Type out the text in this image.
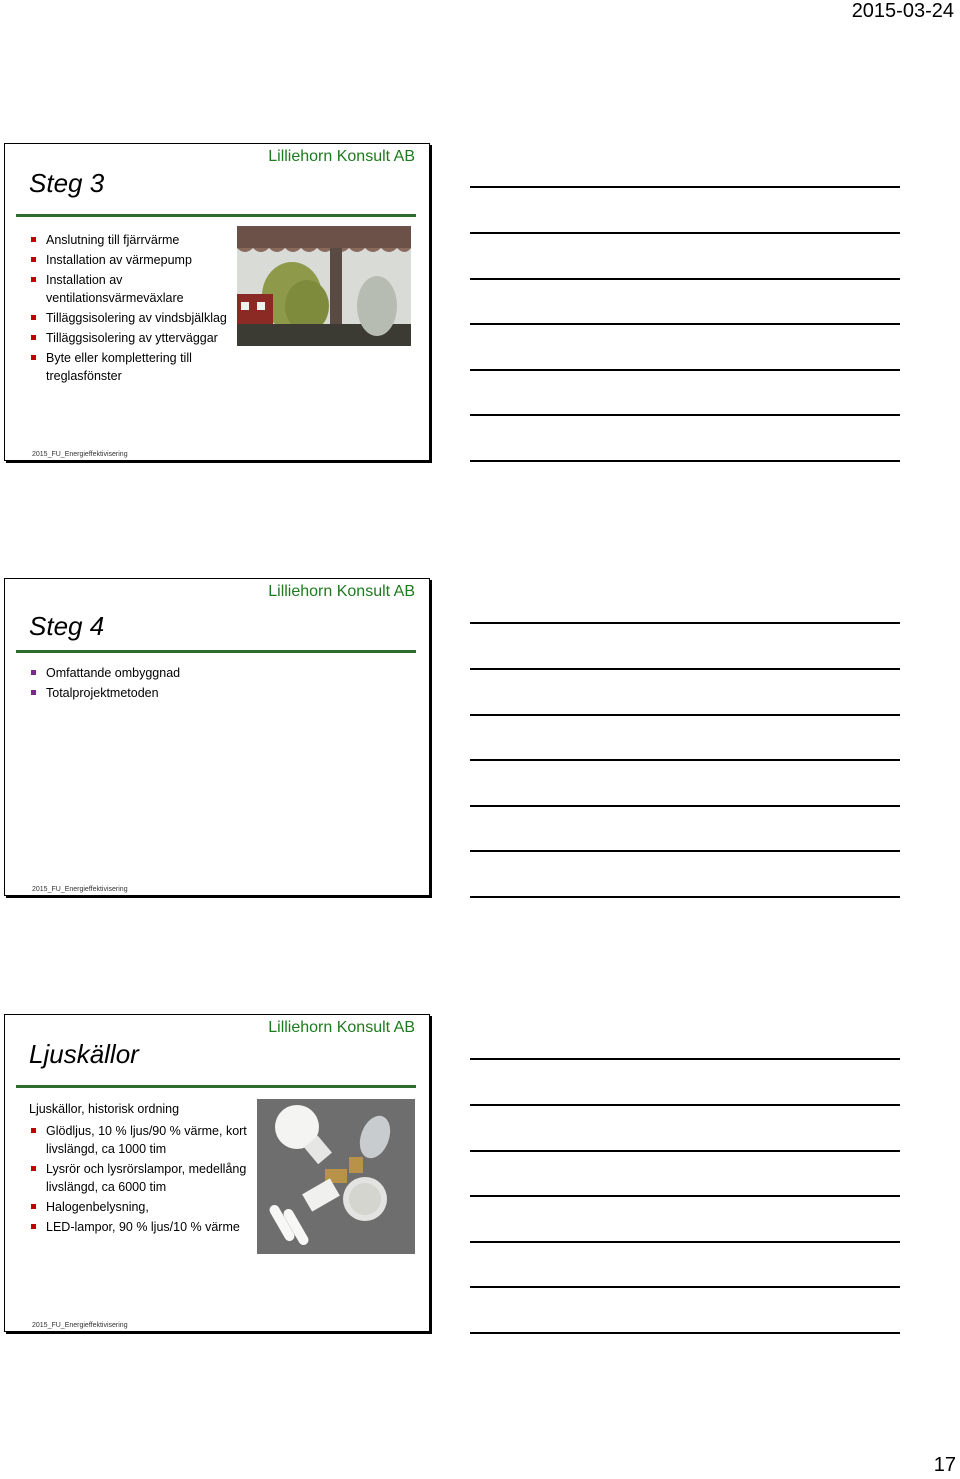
2015-03-24
Lilliehorn Konsult AB
Steg 3
Anslutning till fjärrvärme
Installation av värmepump
Installation av ventilationsvärmeväxlare
Tilläggsisolering av vindsbjälklag
Tilläggsisolering av ytterväggar
Byte eller komplettering till treglasfönster
2015_FU_Energieffektivisering
Lilliehorn Konsult AB
Steg 4
Omfattande ombyggnad
Totalprojektmetoden
2015_FU_Energieffektivisering
Lilliehorn Konsult AB
Ljuskällor
Ljuskällor, historisk ordning
Glödljus, 10 % ljus/90 % värme, kort livslängd, ca 1000 tim
Lysrör och lysrörslampor, medellång livslängd, ca 6000 tim
Halogenbelysning,
LED-lampor, 90 % ljus/10 % värme
2015_FU_Energieffektivisering
17
